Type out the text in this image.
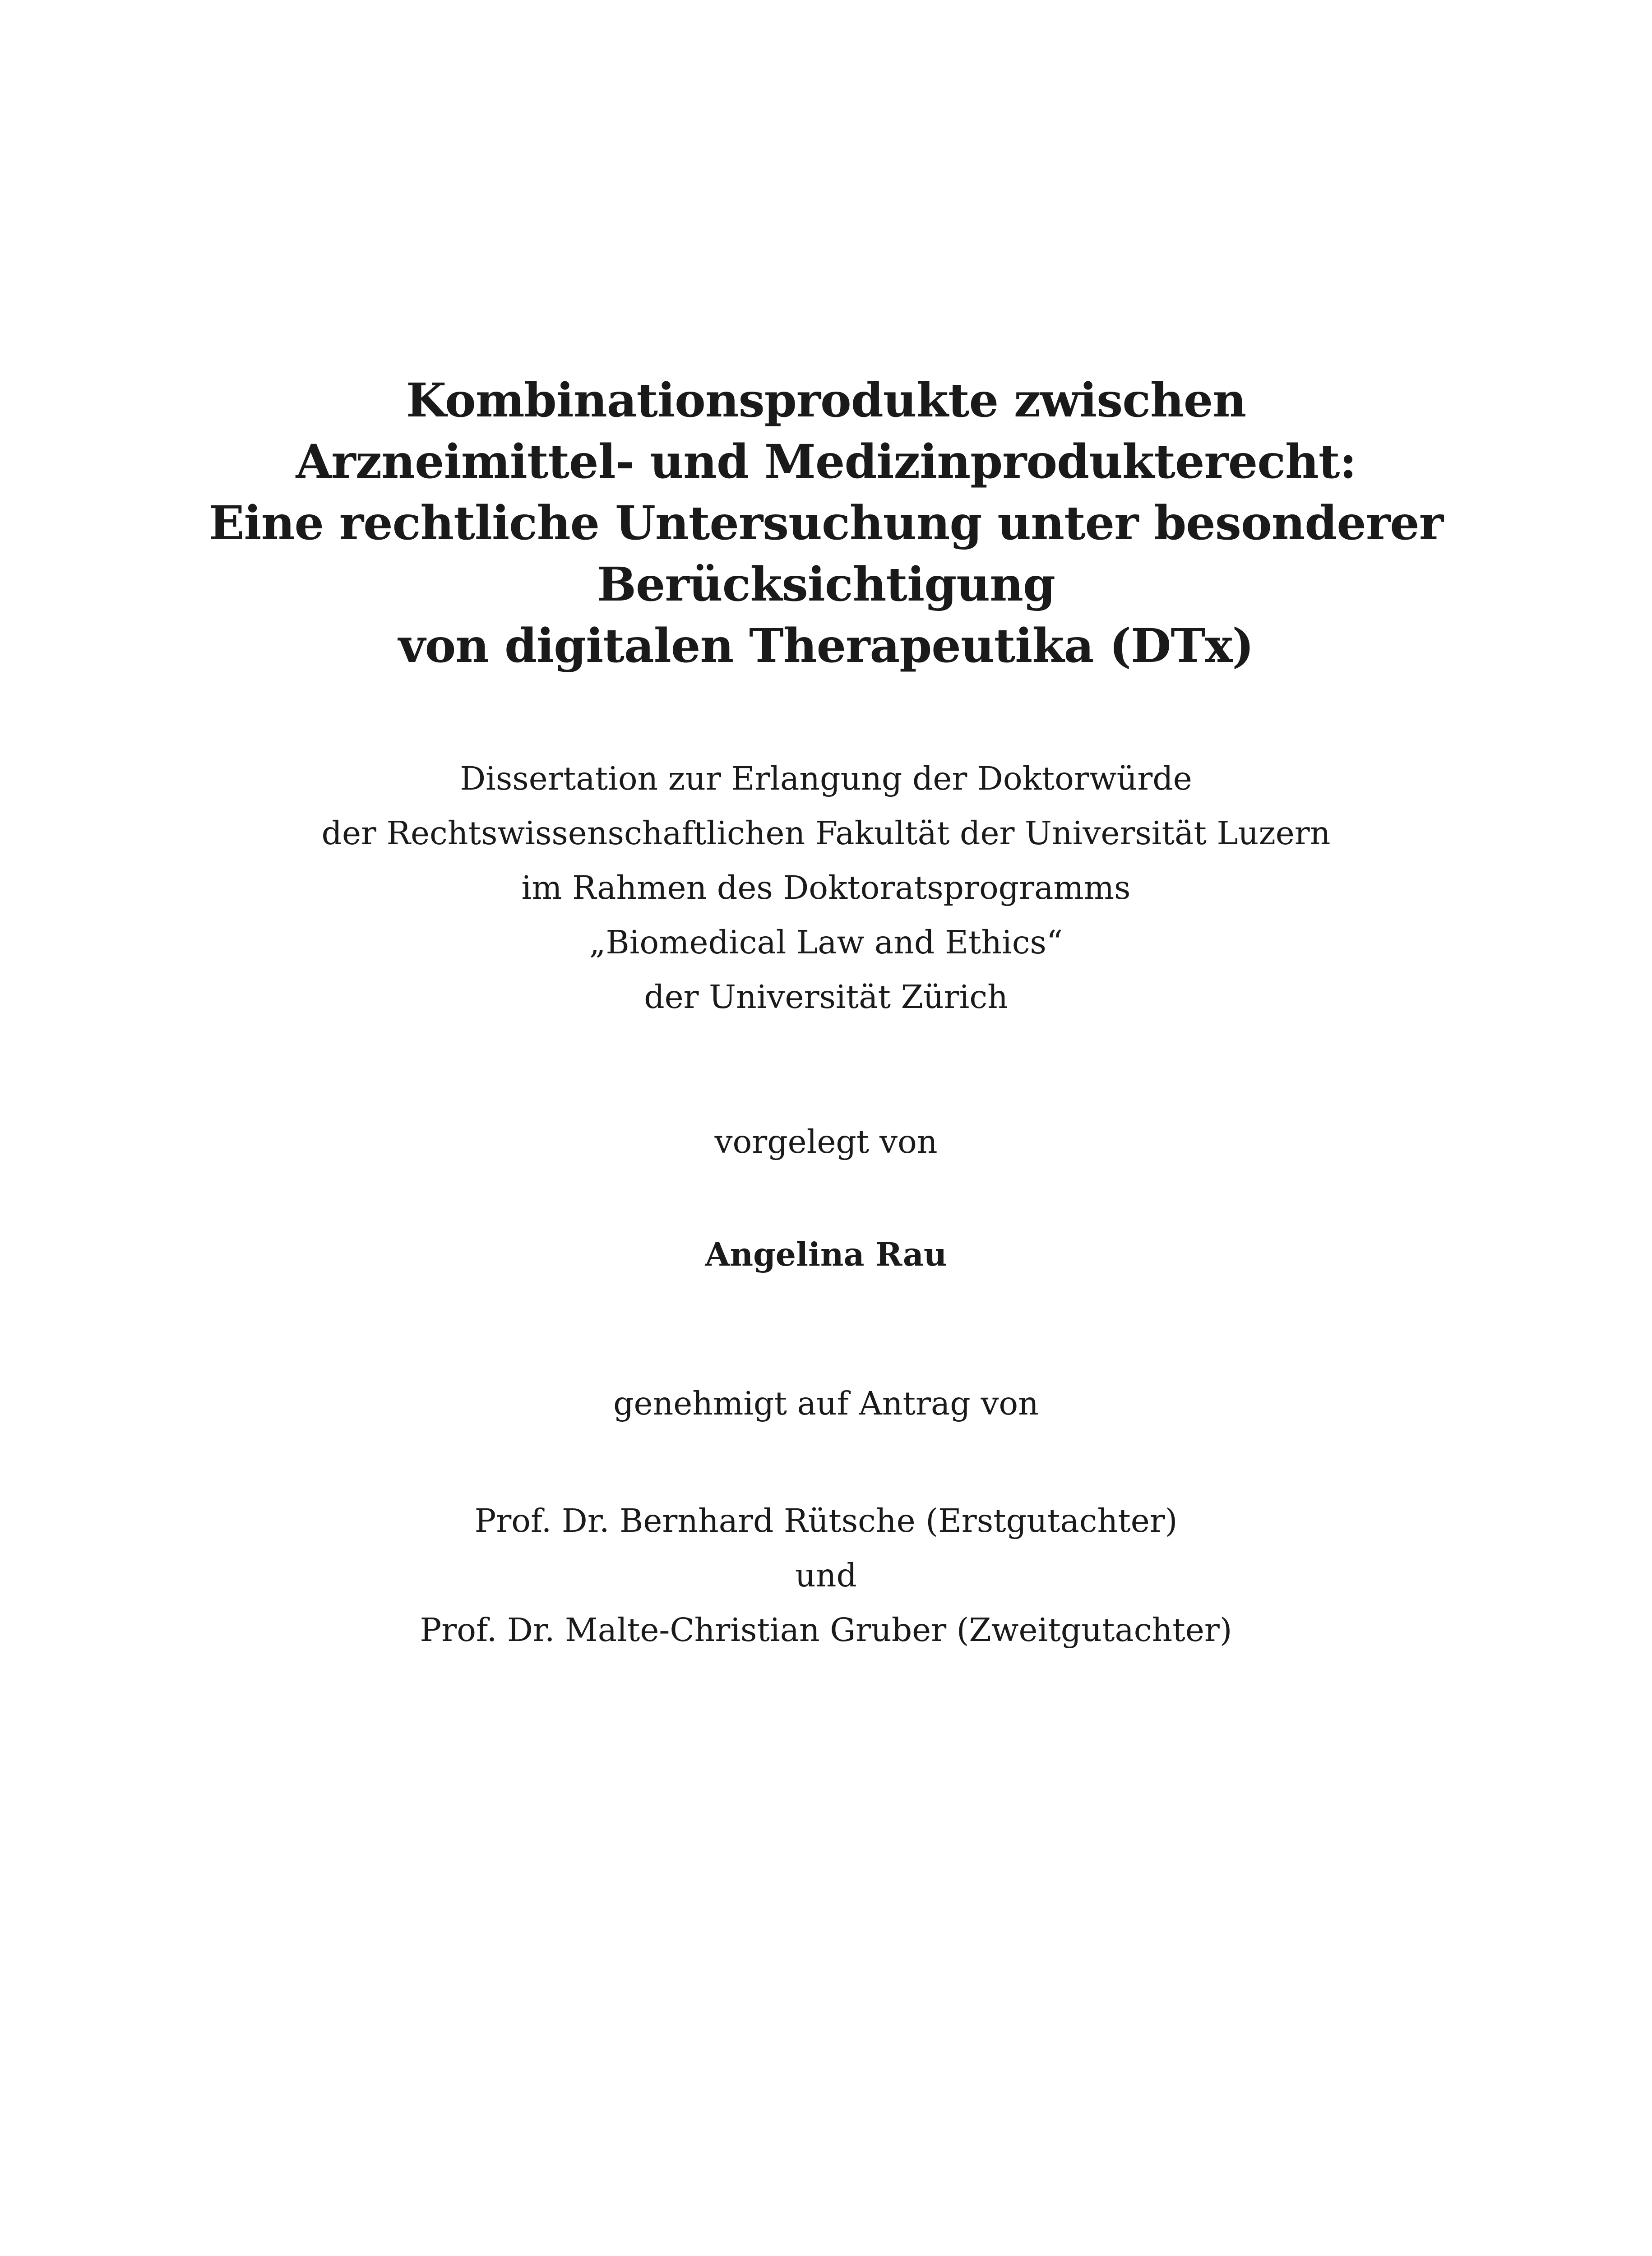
Kombinationsprodukte zwischen
Arzneimittel- und Medizinprodukterecht:
Eine rechtliche Untersuchung unter besonderer
Berücksichtigung
von digitalen Therapeutika (DTx)
Dissertation zur Erlangung der Doktorwürde
der Rechtswissenschaftlichen Fakultät der Universität Luzern
im Rahmen des Doktoratsprogramms
„Biomedical Law and Ethics“
der Universität Zürich
vorgelegt von
Angelina Rau
genehmigt auf Antrag von
Prof. Dr. Bernhard Rütsche (Erstgutachter)
und
Prof. Dr. Malte-Christian Gruber (Zweitgutachter)
